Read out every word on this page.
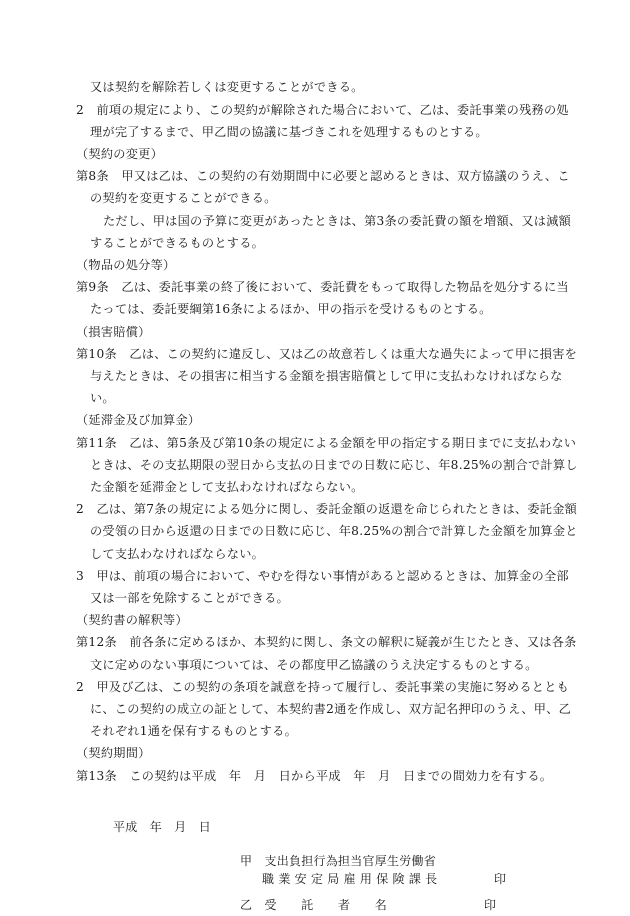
又は契約を解除若しくは変更することができる。
2　前項の規定により、この契約が解除された場合において、乙は、委託事業の残務の処
理が完了するまで、甲乙間の協議に基づきこれを処理するものとする。
（契約の変更）
第8条　甲又は乙は、この契約の有効期間中に必要と認めるときは、双方協議のうえ、こ
の契約を変更することができる。
ただし、甲は国の予算に変更があったときは、第3条の委託費の額を増額、又は減額
することができるものとする。
（物品の処分等）
第9条　乙は、委託事業の終了後において、委託費をもって取得した物品を処分するに当
たっては、委託要綱第16条によるほか、甲の指示を受けるものとする。
（損害賠償）
第10条　乙は、この契約に違反し、又は乙の故意若しくは重大な過失によって甲に損害を
与えたときは、その損害に相当する金額を損害賠償として甲に支払わなければならな
い。
（延滞金及び加算金）
第11条　乙は、第5条及び第10条の規定による金額を甲の指定する期日までに支払わない
ときは、その支払期限の翌日から支払の日までの日数に応じ、年8.25%の割合で計算し
た金額を延滞金として支払わなければならない。
2　乙は、第7条の規定による処分に関し、委託金額の返還を命じられたときは、委託金額
の受領の日から返還の日までの日数に応じ、年8.25%の割合で計算した金額を加算金と
して支払わなければならない。
3　甲は、前項の場合において、やむを得ない事情があると認めるときは、加算金の全部
又は一部を免除することができる。
（契約書の解釈等）
第12条　前各条に定めるほか、本契約に関し、条文の解釈に疑義が生じたとき、又は各条
文に定めのない事項については、その都度甲乙協議のうえ決定するものとする。
2　甲及び乙は、この契約の条項を誠意を持って履行し、委託事業の実施に努めるととも
に、この契約の成立の証として、本契約書2通を作成し、双方記名押印のうえ、甲、乙
それぞれ1通を保有するものとする。
（契約期間）
第13条　この契約は平成　年　月　日から平成　年　月　日までの間効力を有する。
平成　年　月　日
甲　支出負担行為担当官厚生労働省
職 業 安 定 局 雇 用 保 険 課 長	印
乙　受　　託　　者　　名	印
